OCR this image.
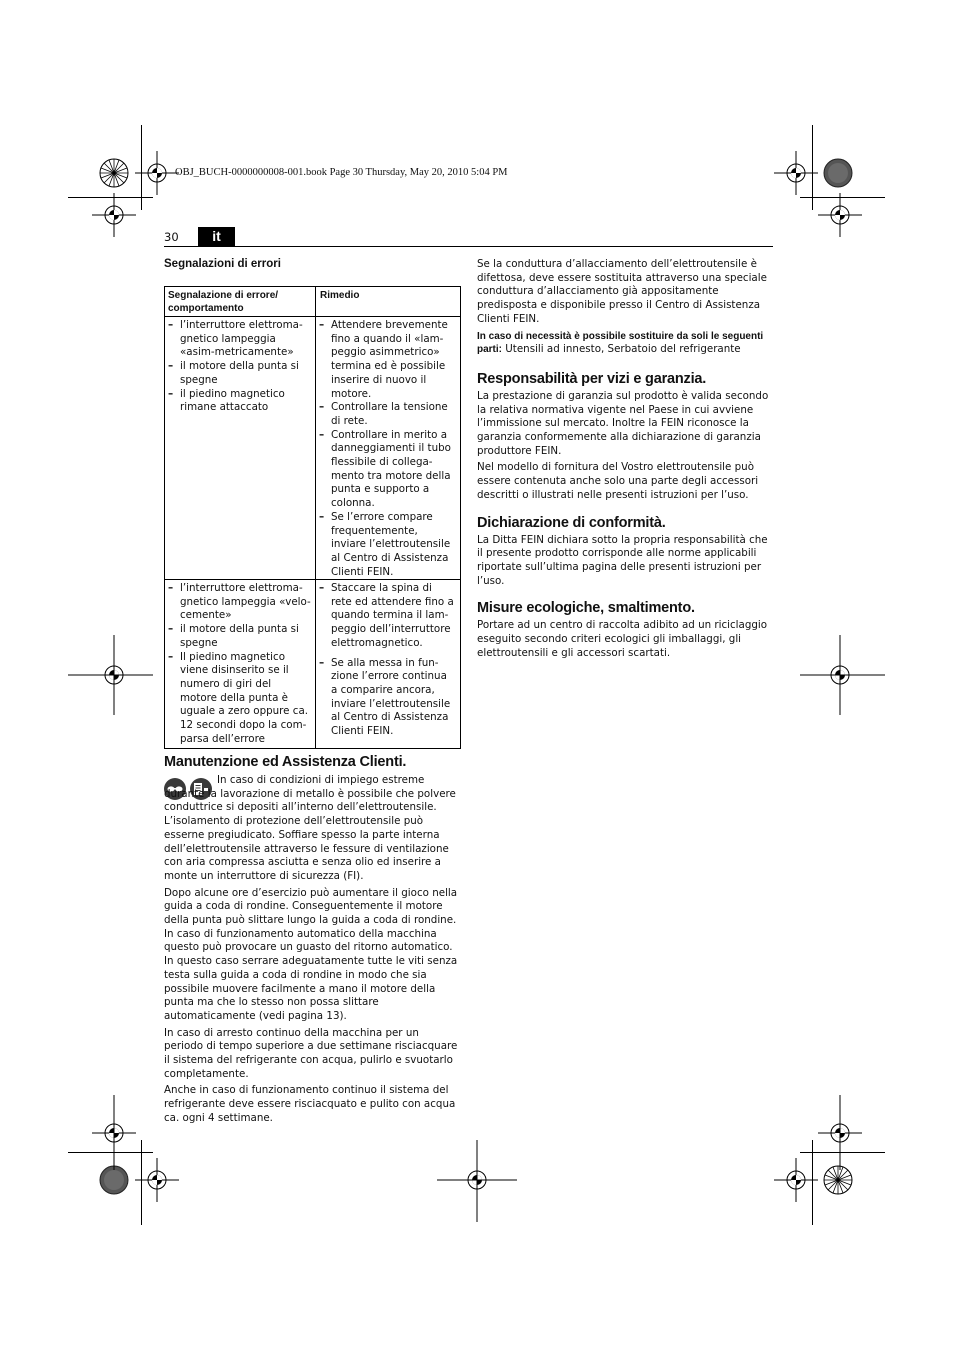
OBJ_BUCH-0000000008-001.book Page 30 Thursday, May 20, 2010 5:04 PM
30	it
Segnalazioni di errori
Segnalazione di errore/ comportamento
Rimedio
– l’interruttore elettroma-gnetico lampeggia «asim-metricamente»
– il motore della punta si spegne
– il piedino magnetico rimane attaccato
– Attendere brevemente fino a quando il «lam-peggio asimmetrico» termina ed è possibile inserire di nuovo il motore.
– Controllare la tensione di rete.
– Controllare in merito a danneggiamenti il tubo flessibile di collega-mento tra motore della punta e supporto a colonna.
– Se l’errore compare frequentemente, inviare l’elettroutensile al Centro di Assistenza Clienti FEIN.
– l’interruttore elettroma-gnetico lampeggia «velo-cemente»
– il motore della punta si spegne
– Il piedino magnetico viene disinserito se il numero di giri del motore della punta è uguale a zero oppure ca. 12 secondi dopo la com-parsa dell’errore
– Staccare la spina di rete ed attendere fino a quando termina il lam-peggio dell’interruttore elettromagnetico.
– Se alla messa in fun-zione l’errore continua a comparire ancora, inviare l’elettroutensile al Centro di Assistenza Clienti FEIN.
Manutenzione ed Assistenza Clienti.

In caso di condizioni di impiego estreme durante la lavorazione di metallo è possibile che polvere conduttrice si depositi all’interno dell’elettroutensile. L’isolamento di protezione dell’elettroutensile può esserne pregiudicato. Soffiare spesso la parte interna dell’elettroutensile attraverso le fessure di ventilazione con aria compressa asciutta e senza olio ed inserire a monte un interruttore di sicurezza (FI).

Dopo alcune ore d’esercizio può aumentare il gioco nella guida a coda di rondine. Conseguentemente il motore della punta può slittare lungo la guida a coda di rondine. In caso di funzionamento automatico della macchina questo può provocare un guasto del ritorno automatico. In questo caso serrare adeguatamente tutte le viti senza testa sulla guida a coda di rondine in modo che sia possibile muovere facilmente a mano il motore della punta ma che lo stesso non possa slittare automaticamente (vedi pagina 13).

In caso di arresto continuo della macchina per un periodo di tempo superiore a due settimane risciacquare il sistema del refrigerante con acqua, pulirlo e svuotarlo completamente.

Anche in caso di funzionamento continuo il sistema del refrigerante deve essere risciacquato e pulito con acqua ca. ogni 4 settimane.

Se la conduttura d’allacciamento dell’elettroutensile è difettosa, deve essere sostituita attraverso una speciale conduttura d’allacciamento già appositamente predisposta e disponibile presso il Centro di Assistenza Clienti FEIN.

In caso di necessità è possibile sostituire da soli le seguenti parti: Utensili ad innesto, Serbatoio del refrigerante

Responsabilità per vizi e garanzia.

La prestazione di garanzia sul prodotto è valida secondo la relativa normativa vigente nel Paese in cui avviene l’immissione sul mercato. Inoltre la FEIN riconosce la garanzia conformemente alla dichiarazione di garanzia produttore FEIN.

Nel modello di fornitura del Vostro elettroutensile può essere contenuta anche solo una parte degli accessori descritti o illustrati nelle presenti istruzioni per l’uso.

Dichiarazione di conformità.

La Ditta FEIN dichiara sotto la propria responsabilità che il presente prodotto corrisponde alle norme applicabili riportate sull’ultima pagina delle presenti istruzioni per l’uso.

Misure ecologiche, smaltimento.

Portare ad un centro di raccolta adibito ad un riciclaggio eseguito secondo criteri ecologici gli imballaggi, gli elettroutensili e gli accessori scartati.
